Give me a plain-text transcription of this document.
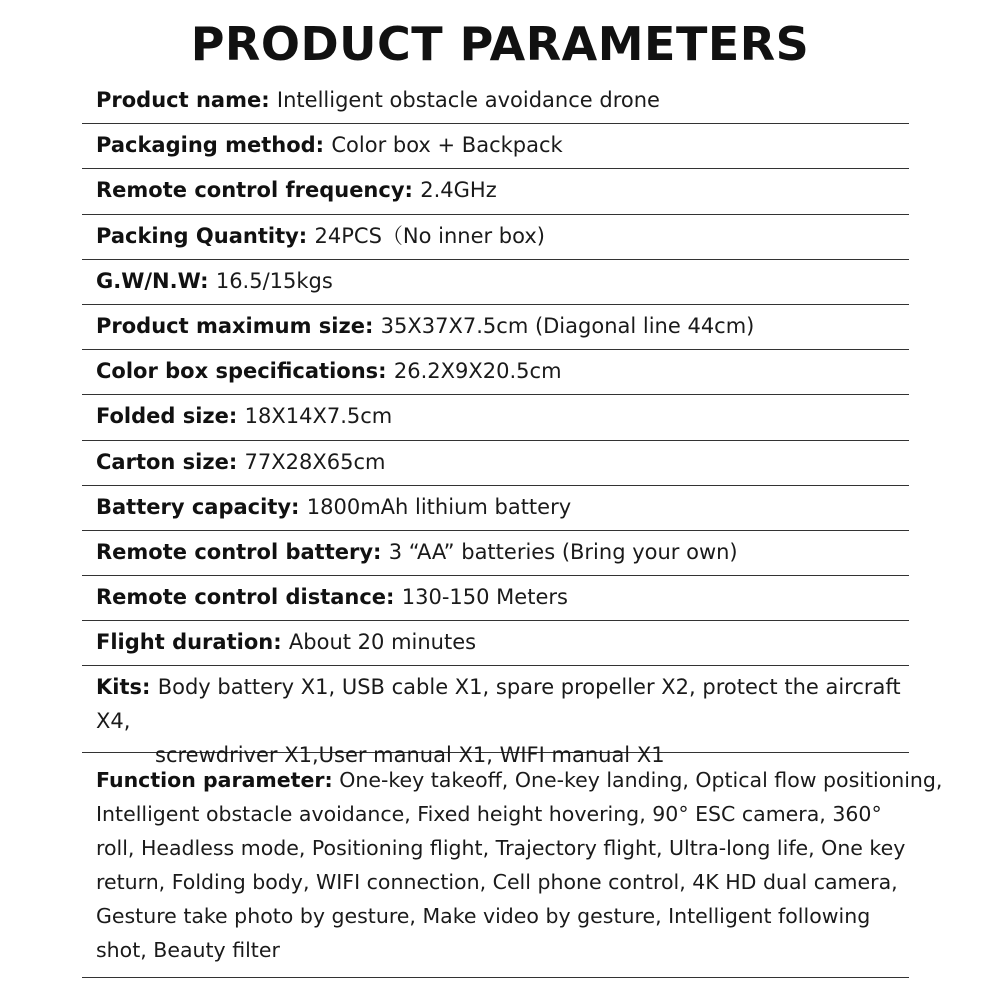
PRODUCT PARAMETERS
Product name: Intelligent obstacle avoidance drone
Packaging method: Color box + Backpack
Remote control frequency: 2.4GHz
Packing Quantity: 24PCS（No inner box)
G.W/N.W: 16.5/15kgs
Product maximum size: 35X37X7.5cm (Diagonal line 44cm)
Color box specifications: 26.2X9X20.5cm
Folded size: 18X14X7.5cm
Carton size: 77X28X65cm
Battery capacity: 1800mAh lithium battery
Remote control battery: 3 “AA” batteries (Bring your own)
Remote control distance: 130-150 Meters
Flight duration: About 20 minutes
Kits: Body battery X1, USB cable X1, spare propeller X2, protect the aircraft X4,
screwdriver X1,User manual X1, WIFI manual X1
Function parameter: One-key takeoff, One-key landing, Optical flow positioning,
Intelligent obstacle avoidance, Fixed height hovering, 90° ESC camera, 360°
roll, Headless mode, Positioning flight, Trajectory flight, Ultra-long life, One key
return, Folding body, WIFI connection, Cell phone control, 4K HD dual camera,
Gesture take photo by gesture, Make video by gesture, Intelligent following
shot, Beauty filter
